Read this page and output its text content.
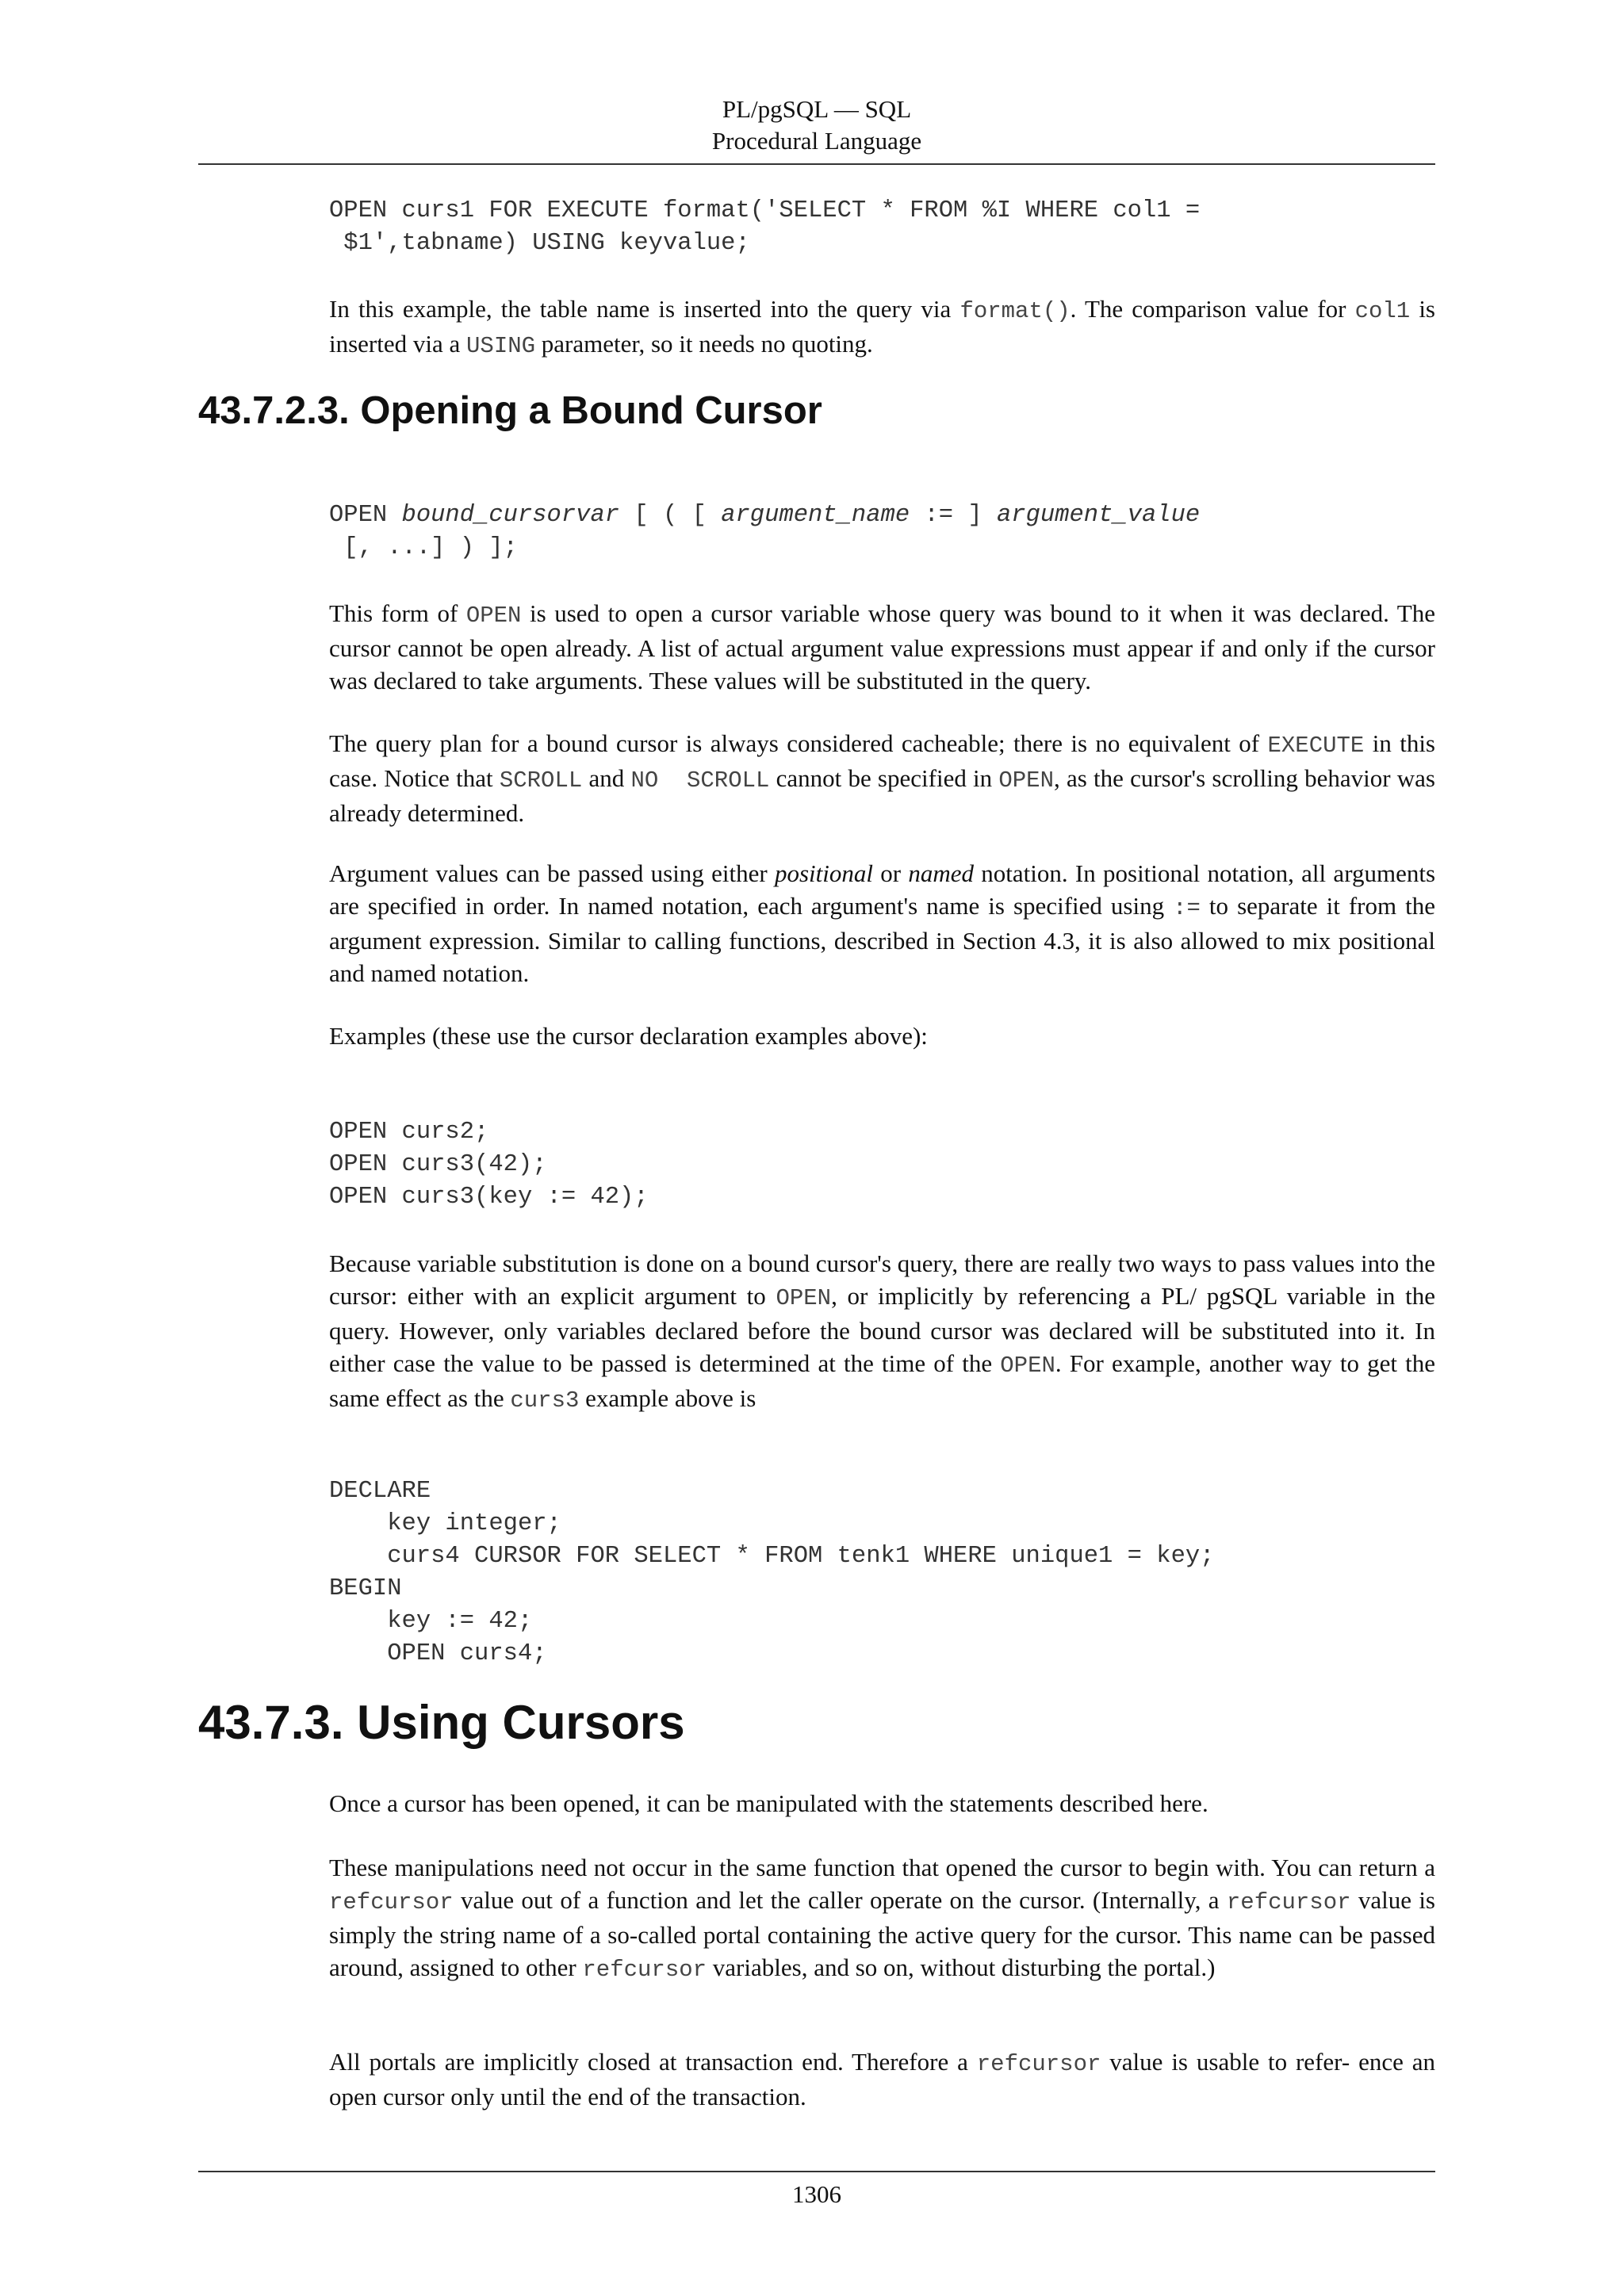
PL/pgSQL — SQL
Procedural Language
OPEN curs1 FOR EXECUTE format('SELECT * FROM %I WHERE col1 =
$1',tabname) USING keyvalue;

In this example, the table name is inserted into the query via format(). The comparison value for col1 is inserted via a USING parameter, so it needs no quoting.

43.7.2.3. Opening a Bound Cursor
OPEN bound_cursorvar [ ( [ argument_name := ] argument_value
[, ...] ) ];

This form of OPEN is used to open a cursor variable whose query was bound to it when it was declared. The cursor cannot be open already. A list of actual argument value expressions must appear if and only if the cursor was declared to take arguments. These values will be substituted in the query.

The query plan for a bound cursor is always considered cacheable; there is no equivalent of EXECUTE in this case. Notice that SCROLL and NO  SCROLL cannot be specified in OPEN, as the cursor's scrolling behavior was already determined.

Argument values can be passed using either positional or named notation. In positional notation, all arguments are specified in order. In named notation, each argument's name is specified using := to separate it from the argument expression. Similar to calling functions, described in Section 4.3, it is also allowed to mix positional and named notation.

Examples (these use the cursor declaration examples above):

OPEN curs2;
OPEN curs3(42);
OPEN curs3(key := 42);

Because variable substitution is done on a bound cursor's query, there are really two ways to pass values into the cursor: either with an explicit argument to OPEN, or implicitly by referencing a PL/ pgSQL variable in the query. However, only variables declared before the bound cursor was declared will be substituted into it. In either case the value to be passed is determined at the time of the OPEN. For example, another way to get the same effect as the curs3 example above is

DECLARE
key integer;
curs4 CURSOR FOR SELECT * FROM tenk1 WHERE unique1 = key;
BEGIN
key := 42;
OPEN curs4;
43.7.3. Using Cursors

Once a cursor has been opened, it can be manipulated with the statements described here.

These manipulations need not occur in the same function that opened the cursor to begin with. You can return a refcursor value out of a function and let the caller operate on the cursor. (Internally, a refcursor value is simply the string name of a so-called portal containing the active query for the cursor. This name can be passed around, assigned to other refcursor variables, and so on, without disturbing the portal.)

All portals are implicitly closed at transaction end. Therefore a refcursor value is usable to refer- ence an open cursor only until the end of the transaction.

1306
